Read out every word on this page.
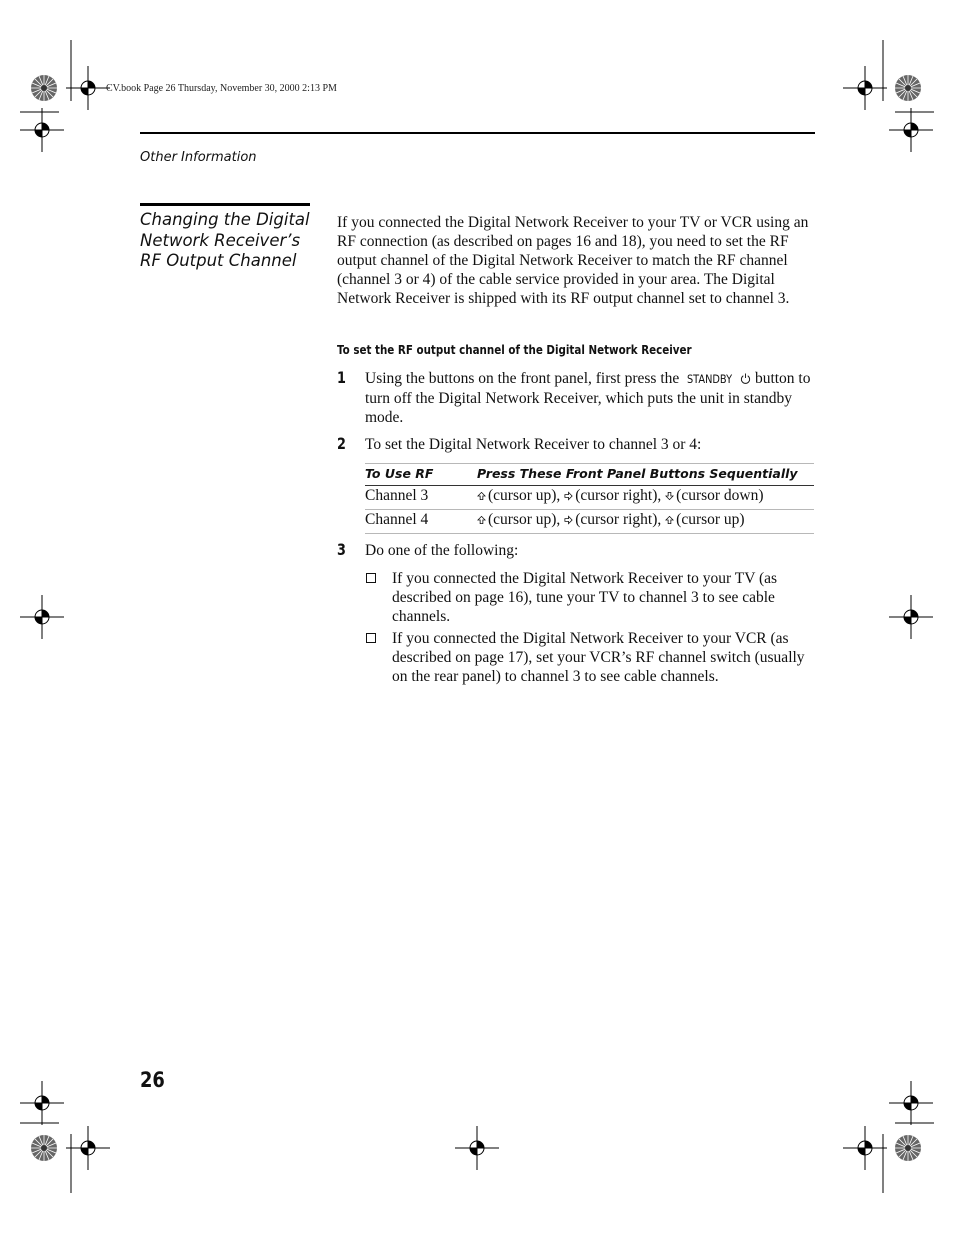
CV.book Page 26 Thursday, November 30, 2000 2:13 PM
Other Information
Changing the Digital Network Receiver’s RF Output Channel
If you connected the Digital Network Receiver to your TV or VCR using an RF connection (as described on pages 16 and 18), you need to set the RF output channel of the Digital Network Receiver to match the RF channel (channel 3 or 4) of the cable service provided in your area. The Digital Network Receiver is shipped with its RF output channel set to channel 3.
To set the RF output channel of the Digital Network Receiver
1 Using the buttons on the front panel, first press the STANDBY button to turn off the Digital Network Receiver, which puts the unit in standby mode.
2 To set the Digital Network Receiver to channel 3 or 4:
To Use RF	Press These Front Panel Buttons Sequentially
Channel 3	(cursor up), (cursor right), (cursor down)
Channel 4	(cursor up), (cursor right), (cursor up)
3 Do one of the following:
If you connected the Digital Network Receiver to your TV (as described on page 16), tune your TV to channel 3 to see cable channels.
If you connected the Digital Network Receiver to your VCR (as described on page 17), set your VCR’s RF channel switch (usually on the rear panel) to channel 3 to see cable channels.
26
